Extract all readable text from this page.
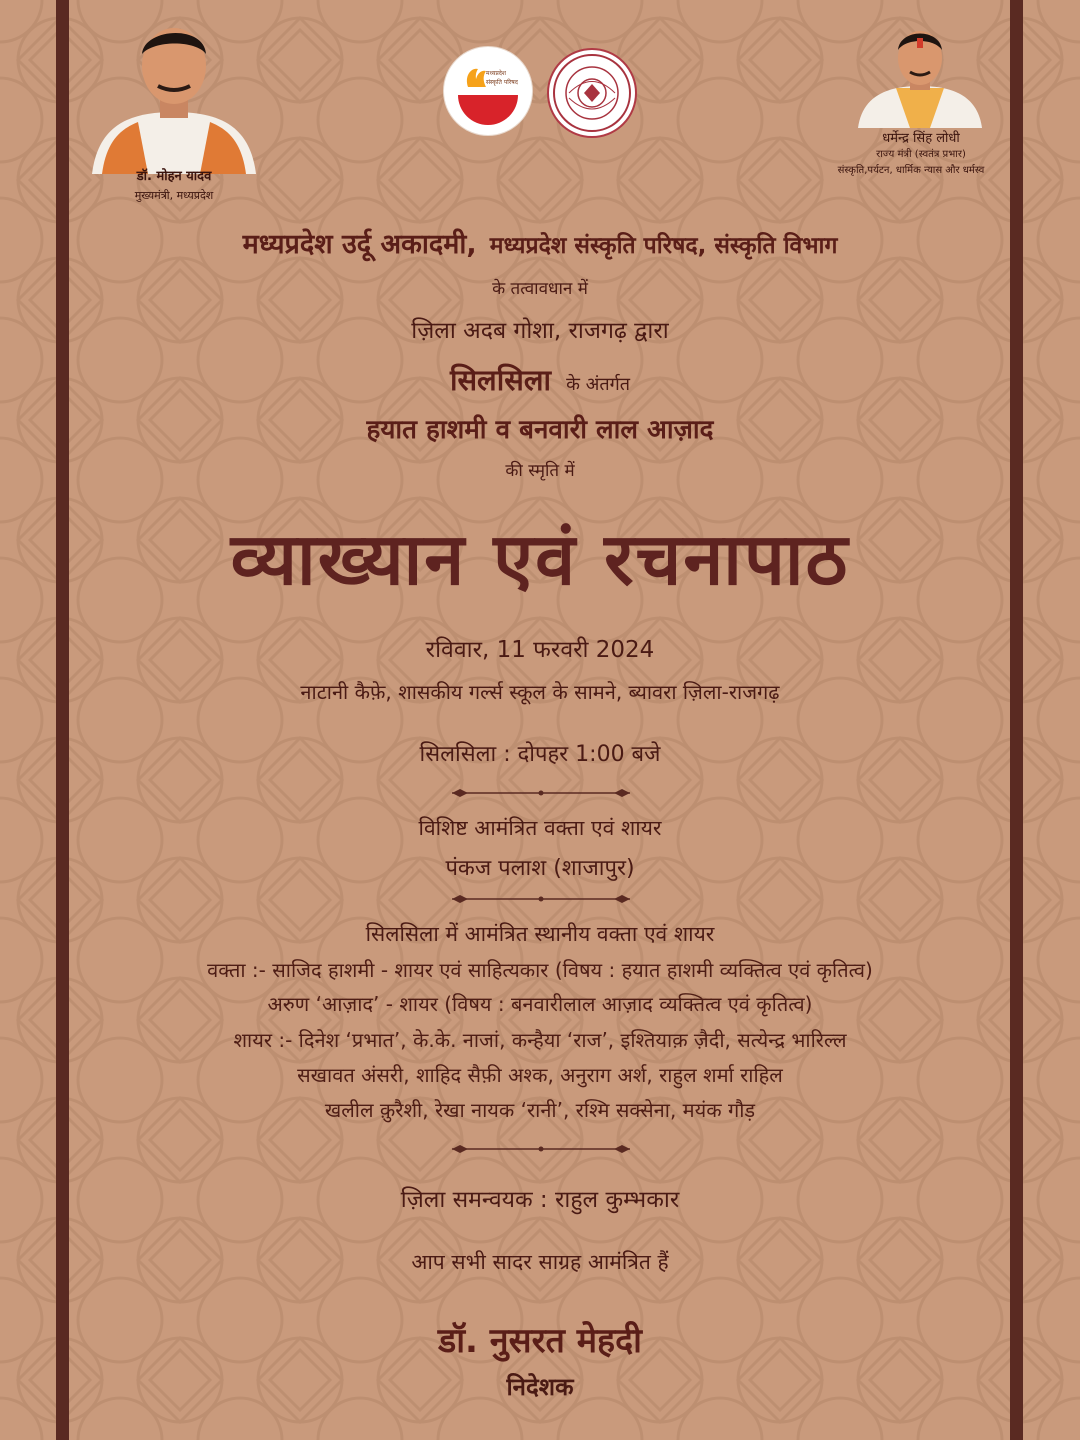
डॉ. मोहन यादव
मुख्यमंत्री, मध्यप्रदेश
धर्मेन्द्र सिंह लोधी
राज्य मंत्री (स्वतंत्र प्रभार)
संस्कृति,पर्यटन, धार्मिक न्यास और धर्मस्व
मध्यप्रदेश
संस्कृति परिषद
मध्यप्रदेश उर्दू अकादमी, मध्यप्रदेश संस्कृति परिषद, संस्कृति विभाग
के तत्वावधान में
ज़िला अदब गोशा, राजगढ़ द्वारा
सिलसिला के अंतर्गत
हयात हाशमी व बनवारी लाल आज़ाद
की स्मृति में
व्याख्यान एवं रचनापाठ
रविवार, 11 फरवरी 2024
नाटानी कैफ़े, शासकीय गर्ल्स स्कूल के सामने, ब्यावरा ज़िला-राजगढ़
सिलसिला : दोपहर 1:00 बजे
विशिष्ट आमंत्रित वक्ता एवं शायर
पंकज पलाश (शाजापुर)
सिलसिला में आमंत्रित स्थानीय वक्ता एवं शायर
वक्ता :- साजिद हाशमी - शायर एवं साहित्यकार (विषय : हयात हाशमी व्यक्तित्व एवं कृतित्व)
अरुण ‘आज़ाद’ - शायर (विषय : बनवारीलाल आज़ाद व्यक्तित्व एवं कृतित्व)
शायर :- दिनेश ‘प्रभात’, के.के. नाजां, कन्हैया ‘राज’, इश्तियाक़ ज़ैदी, सत्येन्द्र भारिल्ल
सखावत अंसरी, शाहिद सैफ़ी अश्क, अनुराग अर्श, राहुल शर्मा राहिल
खलील क़ुरैशी, रेखा नायक ‘रानी’, रश्मि सक्सेना, मयंक गौड़
ज़िला समन्वयक : राहुल कुम्भकार
आप सभी सादर साग्रह आमंत्रित हैं
डॉ. नुसरत मेहदी
निदेशक
